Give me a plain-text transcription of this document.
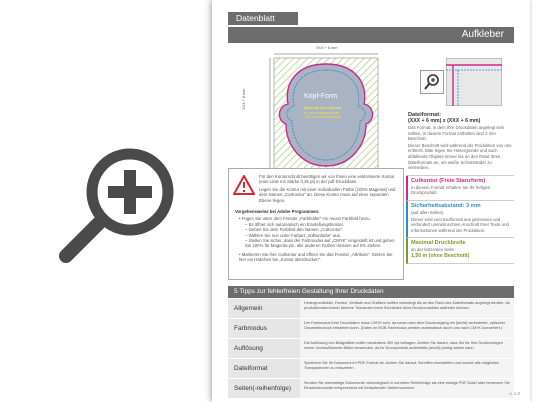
Datenblatt
Aufkleber
Kopf-Form
Maximal Druckbreite
an der kürzesten Seite:
1,50 m (ohne Beschnitt)
XXX + 6 mm
XXX + 6 mm
Dateiformat:
(XXX + 6 mm) x (XXX + 6 mm)
Das Format, in dem Ihre Druckdaten angelegt sein sollten, in diesem Format enthalten sind 3 mm Beschnitt.
Dieser Beschnitt wird während der Produktion von uns entfernt. Bitte legen Sie Hintergründe und auch abfallende Objekte immer bis an den Rand Ihres Dateiformats an, um weiße Schnittränder zu vermeiden.
Cutkontur (Freie Stanzform)
In diesem Format erhalten Sie Ihr fertiges Druckprodukt.
Sicherheitsabstand: 3 mm
(auf allen Seiten)
Dieser wird vom Endformat aus gemessen und verhindert unerwünschten Anschnitt Ihrer Texte und Informationen während der Produktion.
Maximal Druckbreite
an der kürzesten Seite
1,50 m (ohne Beschnitt)
Für den Konturschnitt benötigen wir von Ihnen eine vektorisierte Kontur (eine Linie mit Stärke 0,25 pt) in der pdf-Druckdatei.
Legen Sie die Kontur mit einer individuellen Farbe (100% Magenta) und dem Namen „CutKontur“ an. Diese Kontur muss auf einer separaten Ebene liegen.
Vorgehensweise bei Adobe Programmen:
• Fügen Sie unter dem Fenster „Farbfelder“ ein neues Farbfeld hinzu.
– Es öffnet sich automatisch ein Einstellungsfenster.
– Geben Sie dem Farbfeld den Namen „CutKontur“.
– Wählen Sie nun unter Farbart „Volltonfarbe“ aus.
– Stellen Sie sicher, dass der Farbmodus auf „CMYK“ eingestellt ist und geben Sie 100% für Magenta ein, alle anderen Farben müssen auf 0% stehen.
• Markieren Sie Ihre Cutkontur und öffnen Sie das Fenster „Attribute“. Setzen Sie hier ein Häkchen bei „Kontur überdrucken“.
5 Tipps zur fehlerfreien Gestaltung Ihrer Druckdaten
Allgemein
Hintergrundbilder, Farben, Verläufe und Grafiken sollten unbedingt bis an den Rand des Dateiformats angelegt werden, da produktionstechnisch kleinere Toleranzen beim Schneiden Ihres Druckproduktes auftreten können.
Farbmodus
Der Farbmodus Ihrer Druckdaten muss CMYK sein, da sonst nach dem Druckvorgang ein (leicht) veränderter, optischer Gesamteindruck entstehen kann. (Daten im RGB-Farbmodus werden automatisch durch uns nach CMYK konvertiert.)
Auflösung
Die Auflösung von Bildgrafiken sollte mindestens 300 dpi betragen. Achten Sie darauf, dass Sie für Ihre Druckvorlagen immer hochauflösende Bilder verwenden, da Ihr Druckprodukt andernfalls (leicht) pixelig wirken kann.
Dateiformat
Speichern Sie Ihr Dokument im PDF-Format ab. Achten Sie darauf, Schriften einzubetten und sowohl alle möglichen Transparenzen zu reduzieren.
Seiten(-reihenfolge)
Senden Sie mehrseitige Dokumente chronologisch in korrekter Reihenfolge als eine einzige PDF-Datei oder benennen Sie Einzeldokumente entsprechend mit fortlaufenden Seitennummern.
v. 1.0
